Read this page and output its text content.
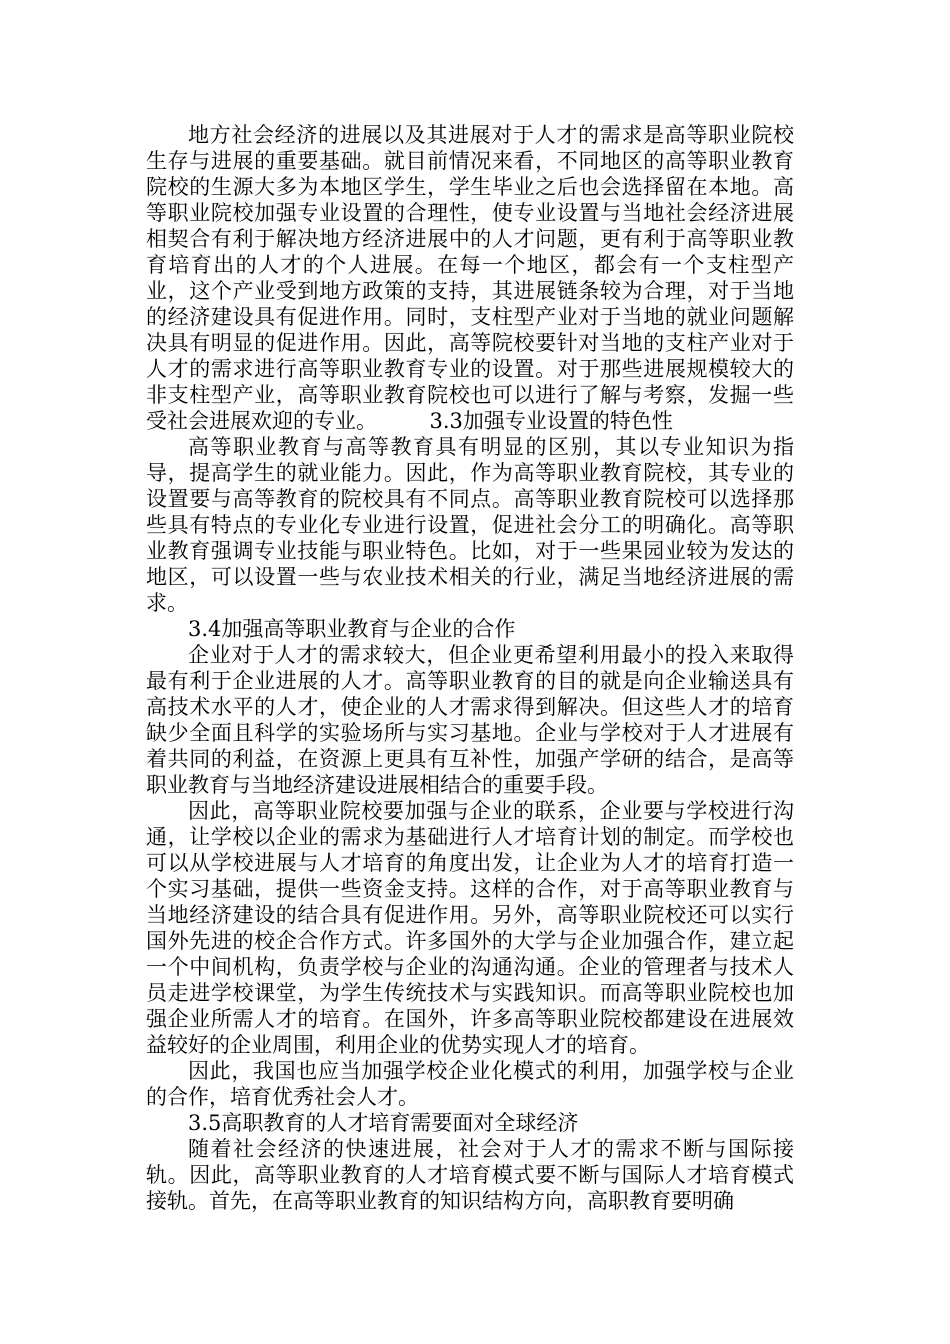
地方社会经济的进展以及其进展对于人才的需求是高等职业院校生存与进展的重要基础。就目前情况来看，不同地区的高等职业教育院校的生源大多为本地区学生，学生毕业之后也会选择留在本地。高等职业院校加强专业设置的合理性，使专业设置与当地社会经济进展相契合有利于解决地方经济进展中的人才问题，更有利于高等职业教育培育出的人才的个人进展。在每一个地区，都会有一个支柱型产业，这个产业受到地方政策的支持，其进展链条较为合理，对于当地的经济建设具有促进作用。同时，支柱型产业对于当地的就业问题解决具有明显的促进作用。因此，高等院校要针对当地的支柱产业对于人才的需求进行高等职业教育专业的设置。对于那些进展规模较大的非支柱型产业，高等职业教育院校也可以进行了解与考察，发掘一些受社会进展欢迎的专业。　　　3.3加强专业设置的特色性

高等职业教育与高等教育具有明显的区别，其以专业知识为指导，提高学生的就业能力。因此，作为高等职业教育院校，其专业的设置要与高等教育的院校具有不同点。高等职业教育院校可以选择那些具有特点的专业化专业进行设置，促进社会分工的明确化。高等职业教育强调专业技能与职业特色。比如，对于一些果园业较为发达的地区，可以设置一些与农业技术相关的行业，满足当地经济进展的需求。

3.4加强高等职业教育与企业的合作

企业对于人才的需求较大，但企业更希望利用最小的投入来取得最有利于企业进展的人才。高等职业教育的目的就是向企业输送具有高技术水平的人才，使企业的人才需求得到解决。但这些人才的培育缺少全面且科学的实验场所与实习基地。企业与学校对于人才进展有着共同的利益，在资源上更具有互补性，加强产学研的结合，是高等职业教育与当地经济建设进展相结合的重要手段。

因此，高等职业院校要加强与企业的联系，企业要与学校进行沟通，让学校以企业的需求为基础进行人才培育计划的制定。而学校也可以从学校进展与人才培育的角度出发，让企业为人才的培育打造一个实习基础，提供一些资金支持。这样的合作，对于高等职业教育与当地经济建设的结合具有促进作用。另外，高等职业院校还可以实行国外先进的校企合作方式。许多国外的大学与企业加强合作，建立起一个中间机构，负责学校与企业的沟通沟通。企业的管理者与技术人员走进学校课堂，为学生传统技术与实践知识。而高等职业院校也加强企业所需人才的培育。在国外，许多高等职业院校都建设在进展效益较好的企业周围，利用企业的优势实现人才的培育。

因此，我国也应当加强学校企业化模式的利用，加强学校与企业的合作，培育优秀社会人才。

3.5高职教育的人才培育需要面对全球经济

随着社会经济的快速进展，社会对于人才的需求不断与国际接轨。因此，高等职业教育的人才培育模式要不断与国际人才培育模式接轨。首先，在高等职业教育的知识结构方向，高职教育要明确
